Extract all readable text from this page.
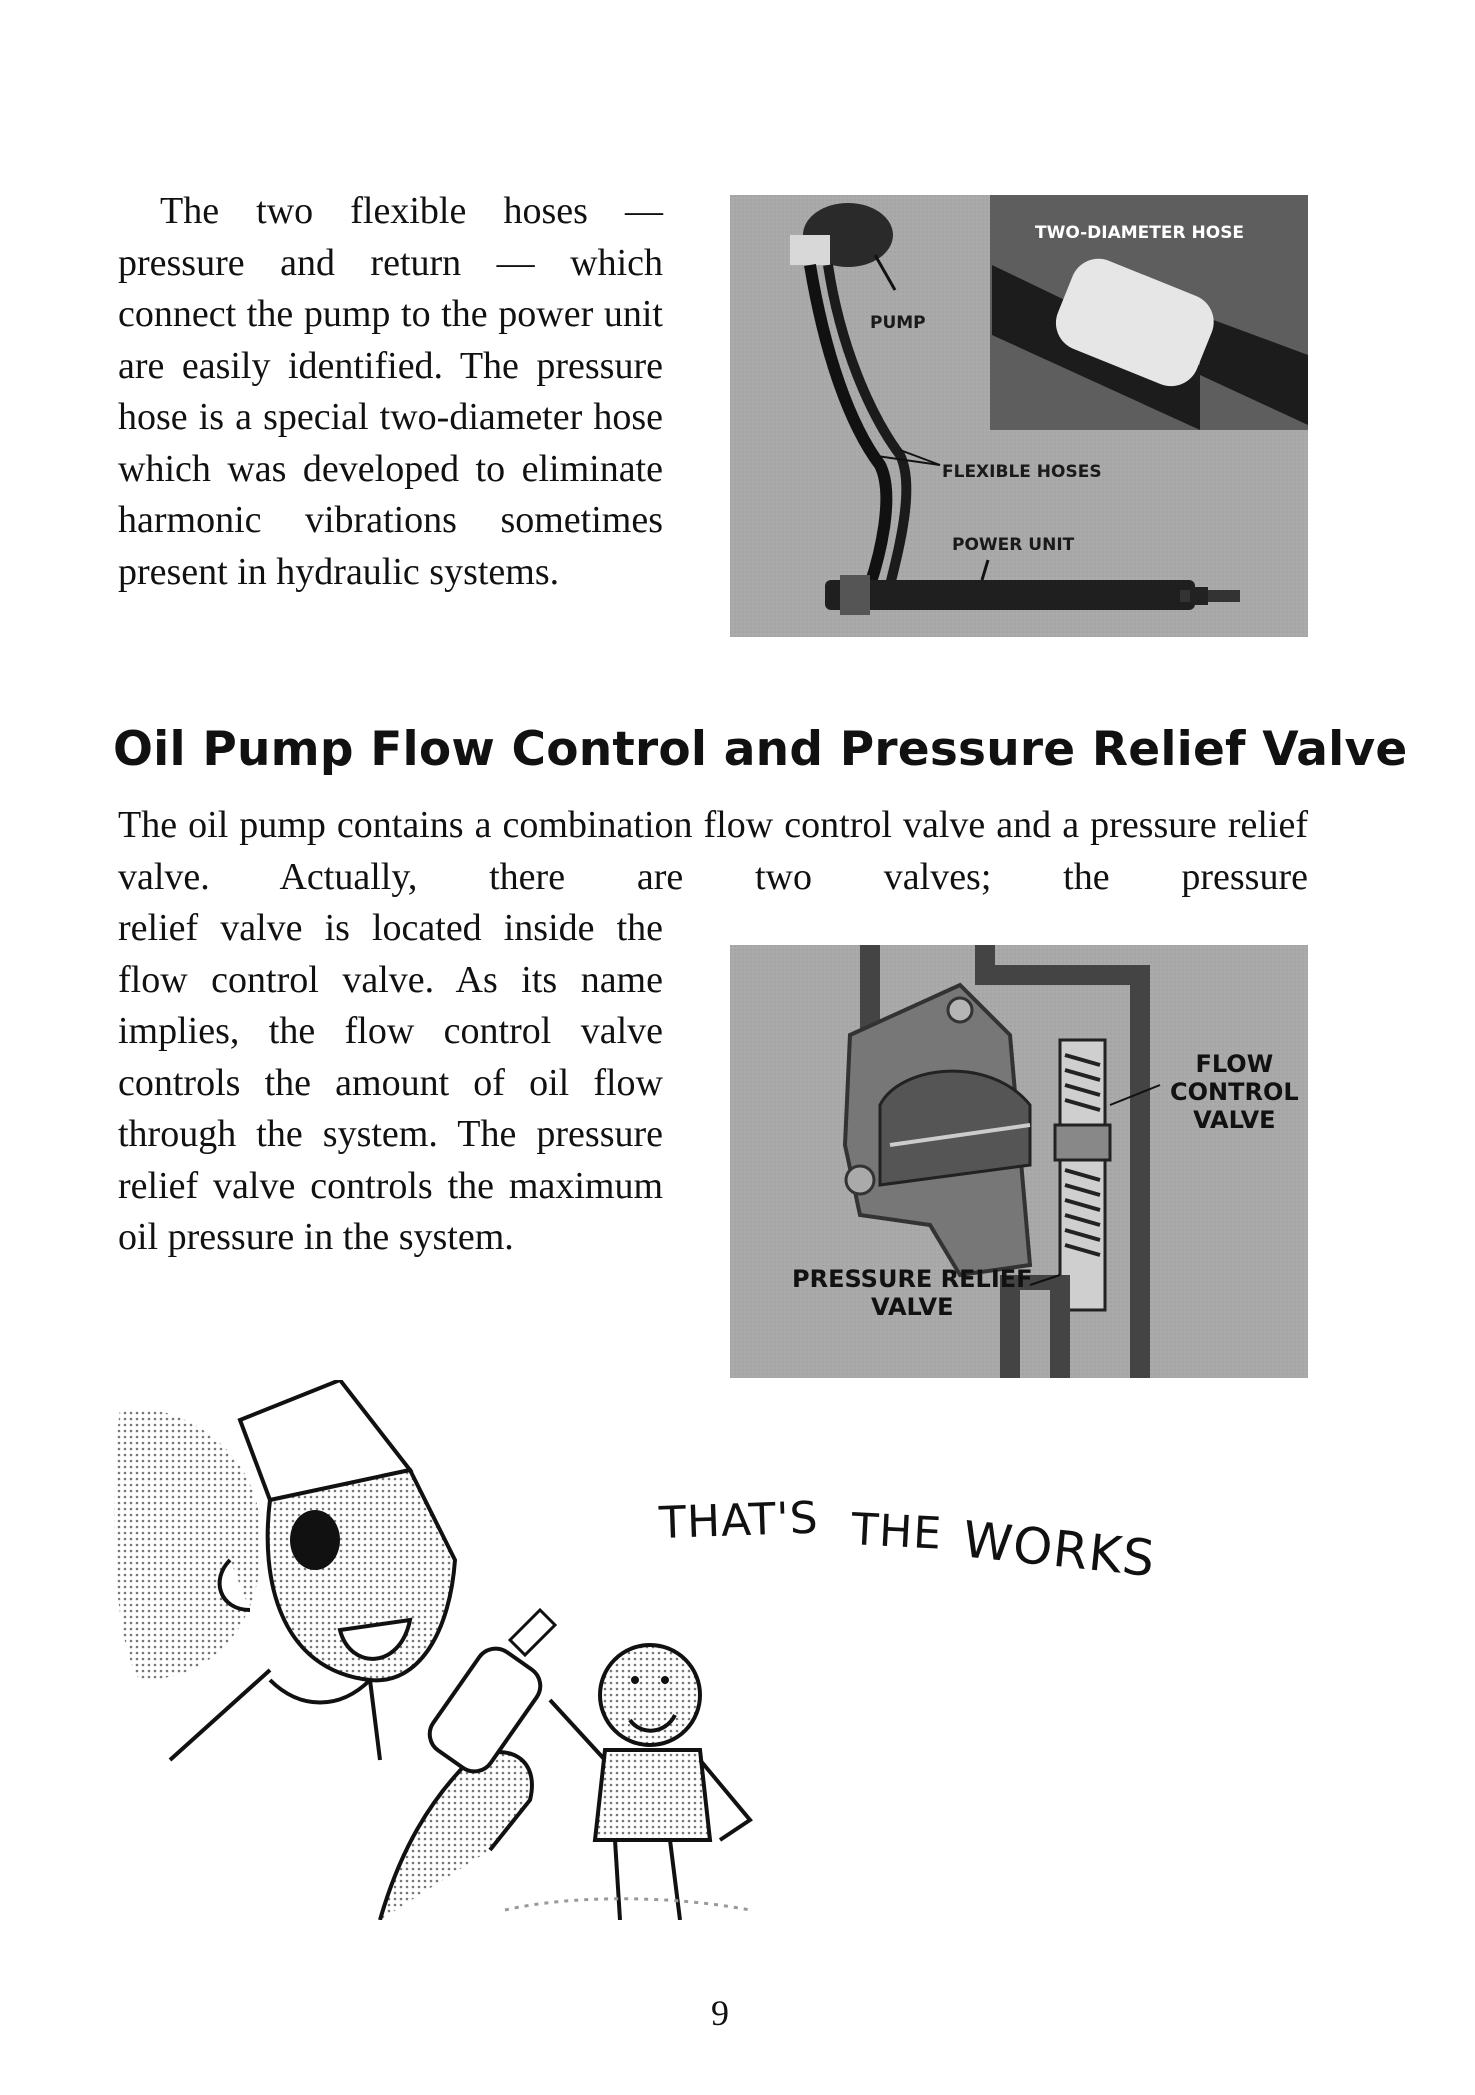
The two flexible hoses — pressure and return — which connect the pump to the power unit are easily identified. The pressure hose is a special two-diameter hose which was developed to eliminate harmonic vibrations sometimes present in hydraulic systems.

TWO-DIAMETER HOSE
PUMP
FLEXIBLE HOSES
POWER UNIT
Oil Pump Flow Control and Pressure Relief Valve

The oil pump contains a combination flow control valve and a pressure relief valve. Actually, there are two valves; the pressure

relief valve is located inside the flow control valve. As its name implies, the flow control valve controls the amount of oil flow through the system. The pressure relief valve controls the maximum oil pressure in the system.

FLOW
CONTROL
VALVE
PRESSURE RELIEF
VALVE
THAT'S THE WORKS
9
